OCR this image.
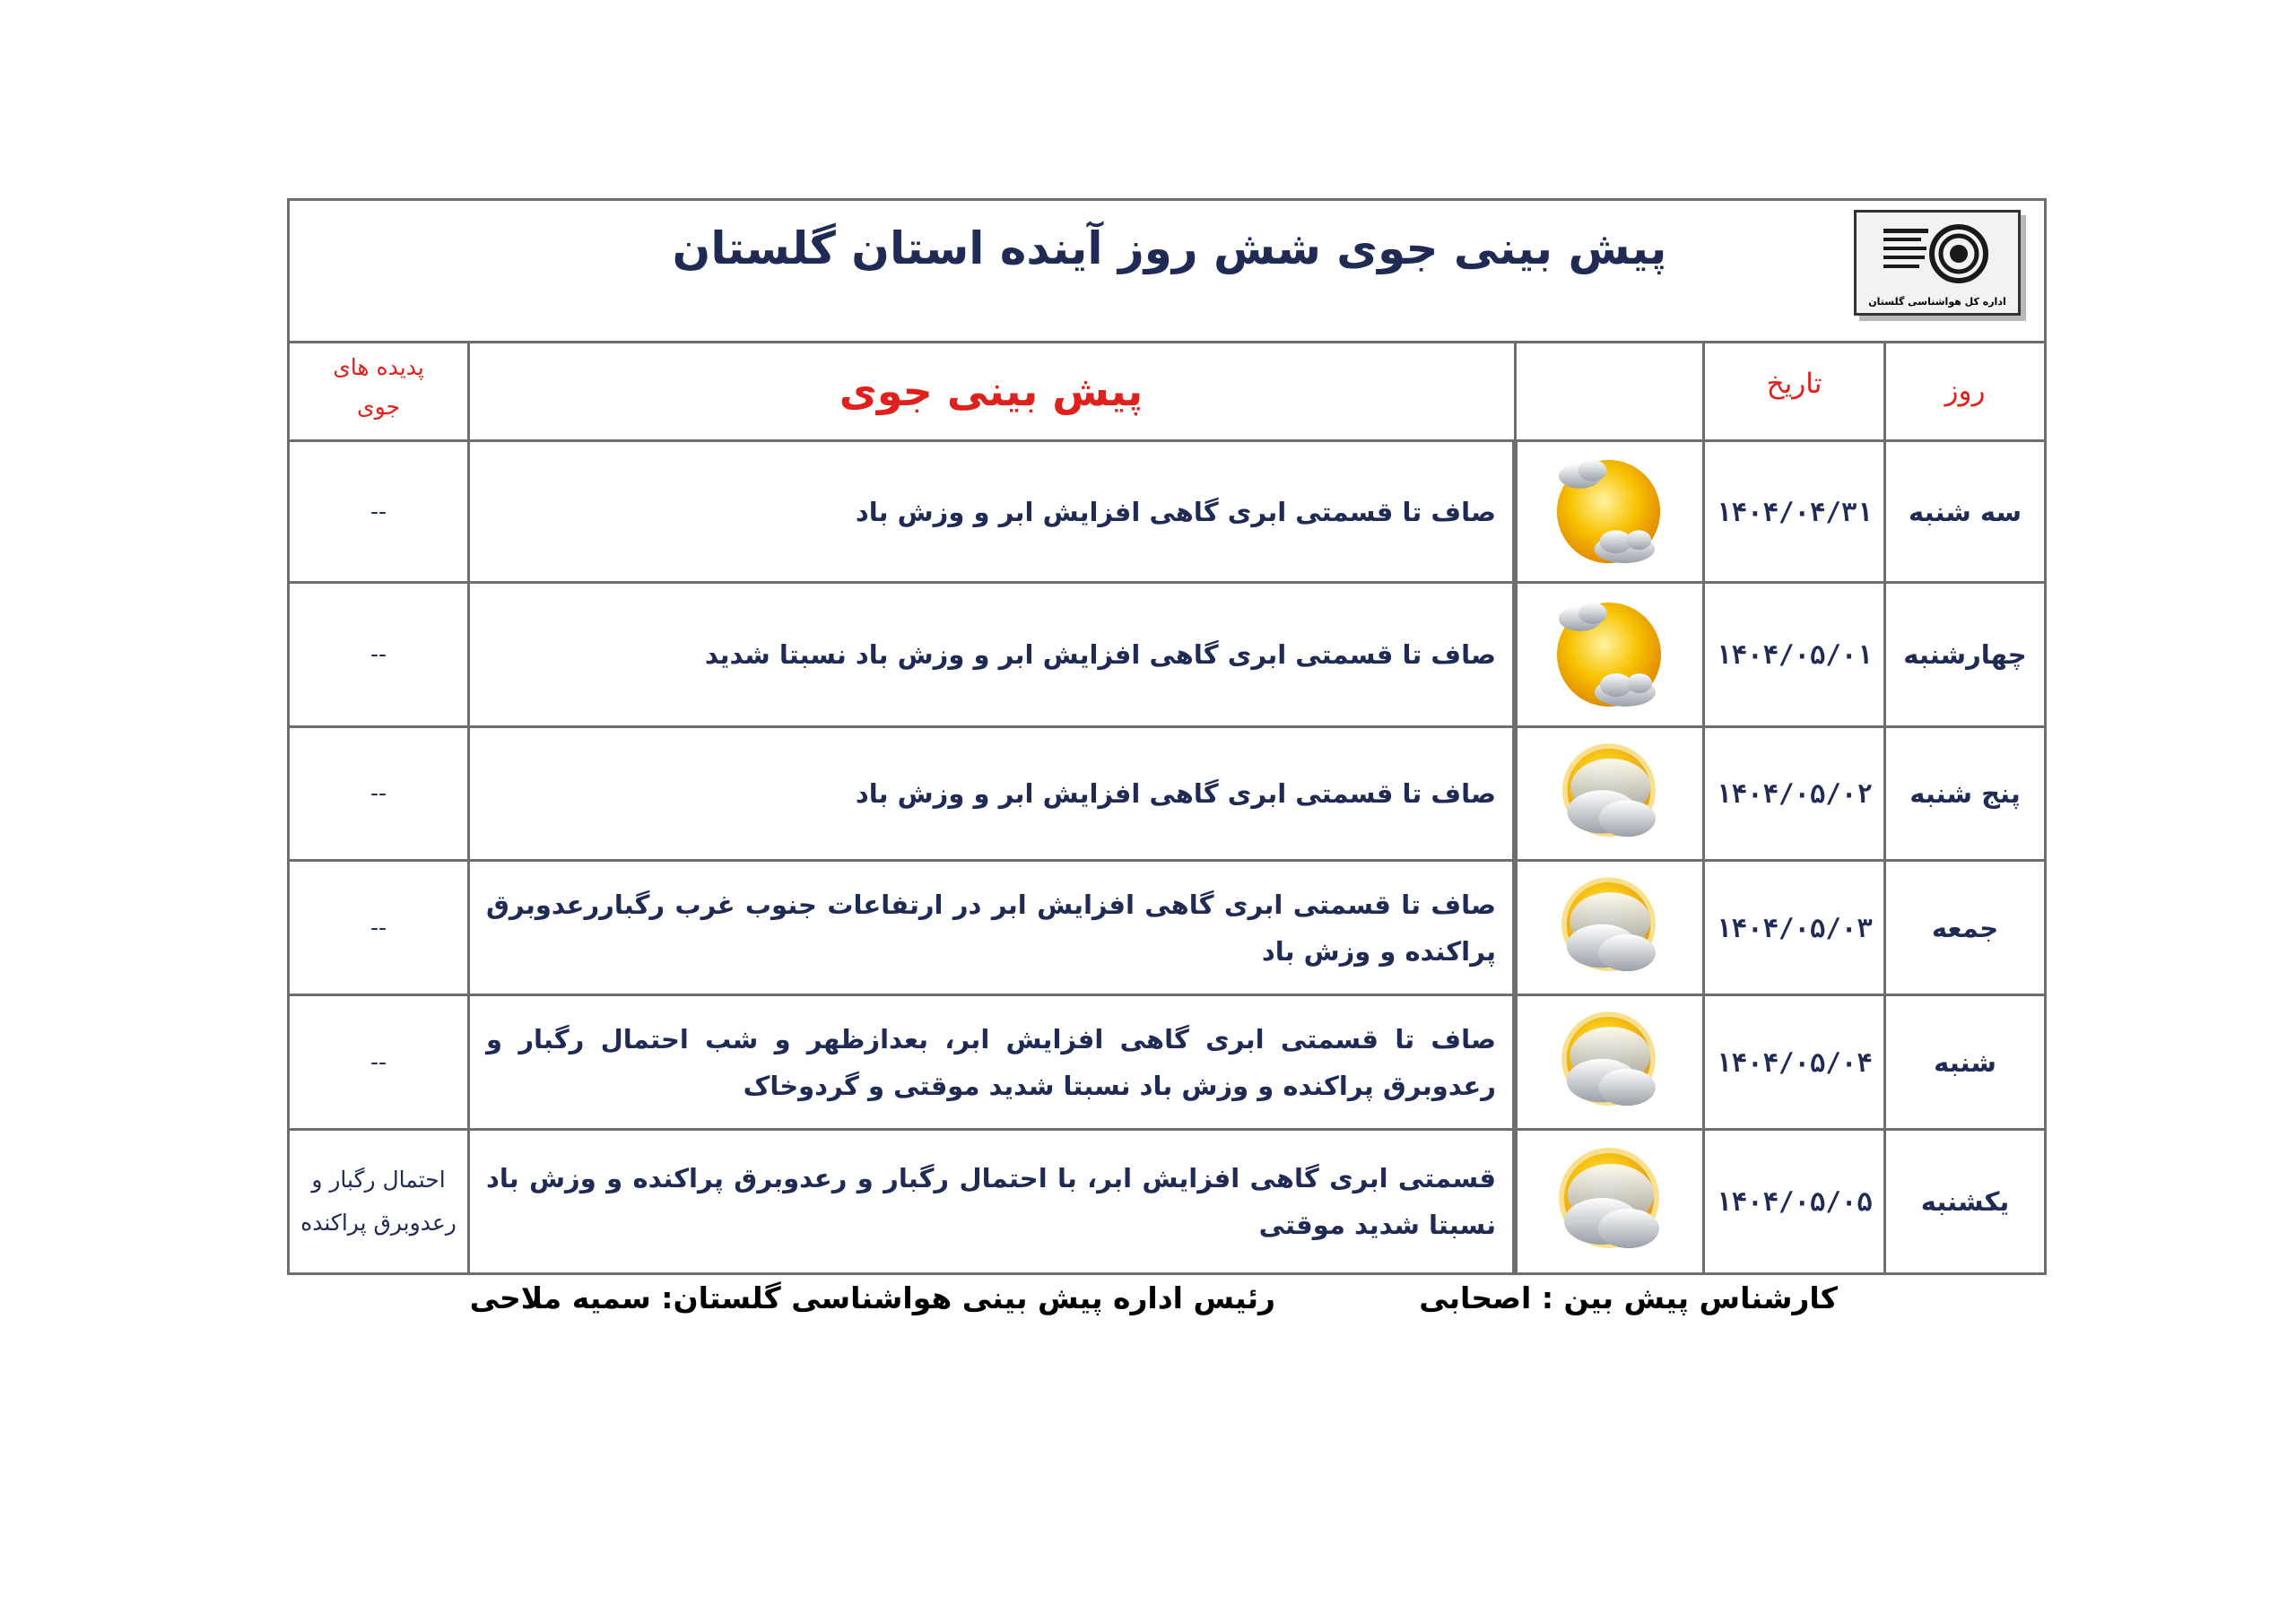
پیش بینی جوی شش روز آینده استان گلستان
اداره کل هواشناسی گلستان
روز
تاریخ
پیش بینی جوی
پدیده های جوی
سه شنبه
۱۴۰۴/۰۴/۳۱
صاف تا قسمتی ابری گاهی افزایش ابر و وزش باد
--
چهارشنبه
۱۴۰۴/۰۵/۰۱
صاف تا قسمتی ابری گاهی افزایش ابر و وزش باد نسبتا شدید
--
پنج شنبه
۱۴۰۴/۰۵/۰۲
صاف تا قسمتی ابری گاهی افزایش ابر و وزش باد
--
جمعه
۱۴۰۴/۰۵/۰۳
صاف تا قسمتی ابری گاهی افزایش ابر در ارتفاعات جنوب غرب رگباررعدوبرق پراکنده و وزش باد
--
شنبه
۱۴۰۴/۰۵/۰۴
صاف تا قسمتی ابری گاهی افزایش ابر، بعدازظهر و شب احتمال رگبار و رعدوبرق پراکنده و وزش باد نسبتا شدید موقتی و گردوخاک
--
یکشنبه
۱۴۰۴/۰۵/۰۵
قسمتی ابری گاهی افزایش ابر، با احتمال رگبار و رعدوبرق پراکنده و وزش باد نسبتا شدید موقتی
احتمال رگبار و رعدوبرق پراکنده
کارشناس پیش بین : اصحابی
رئیس اداره پیش بینی هواشناسی گلستان: سمیه ملاحی
